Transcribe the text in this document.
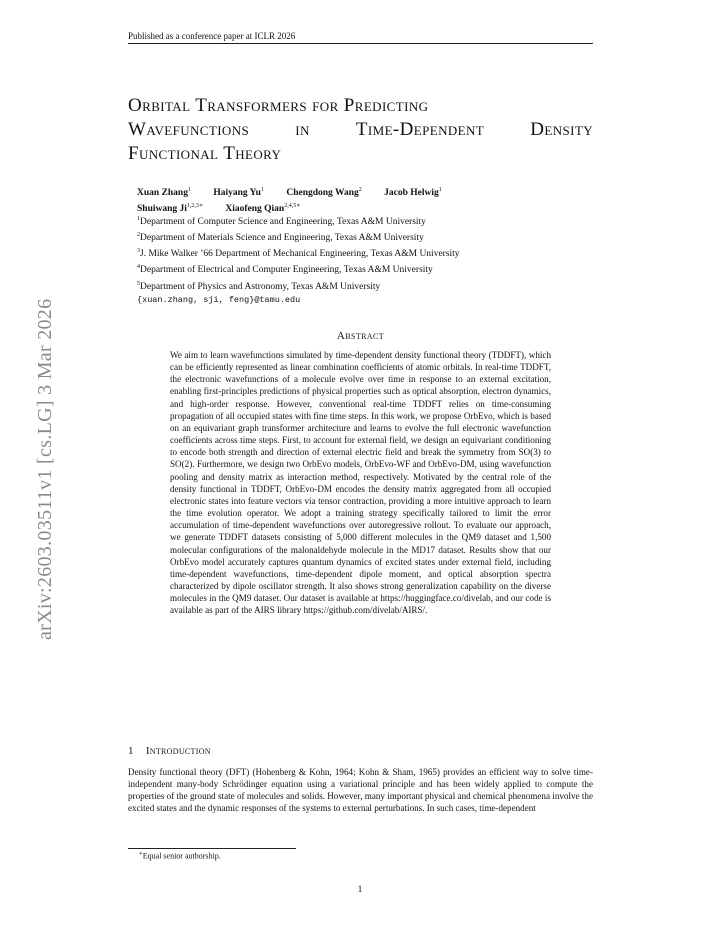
Published as a conference paper at ICLR 2026
arXiv:2603.03511v1 [cs.LG] 3 Mar 2026
Orbital Transformers for Predicting
Wavefunctions in Time-Dependent Density
Functional Theory
Xuan Zhang$^1$ Haiyang Yu$^1$ Chengdong Wang$^2$ Jacob Helwig$^1$
Shuiwang $Ji^{1,2,3∗}$ Xiaofeng Qian$^{2,4,5∗}$
$^1$Department of Computer Science and Engineering, Texas A&M University
$^2$Department of Materials Science and Engineering, Texas A&M University
$^3$J. Mike Walker ’66 Department of Mechanical Engineering, Texas A&M University
$^4$Department of Electrical and Computer Engineering, Texas A&M University
$^5$Department of Physics and Astronomy, Texas A&M University
{xuan.zhang, sji, feng}@tamu.edu
Abstract
We aim to learn wavefunctions simulated by time-dependent density functional theory (TDDFT), which can be efficiently represented as linear combination coefficients of atomic orbitals. In real-time TDDFT, the electronic wavefunctions of a molecule evolve over time in response to an external excitation, enabling first-principles predictions of physical properties such as optical absorption, electron dynamics, and high-order response. However, conventional real-time TDDFT relies on time-consuming propagation of all occupied states with fine time steps. In this work, we propose OrbEvo, which is based on an equivariant graph transformer architecture and learns to evolve the full electronic wavefunction coefficients across time steps. First, to account for external field, we design an equivariant conditioning to encode both strength and direction of external electric field and break the symmetry from SO(3) to SO(2). Furthermore, we design two OrbEvo models, OrbEvo-WF and OrbEvo-DM, using wavefunction pooling and density matrix as interaction method, respectively. Motivated by the central role of the density functional in TDDFT, OrbEvo-DM encodes the density matrix aggregated from all occupied electronic states into feature vectors via tensor contraction, providing a more intuitive approach to learn the time evolution operator. We adopt a training strategy specifically tailored to limit the error accumulation of time-dependent wavefunctions over autoregressive rollout. To evaluate our approach, we generate TDDFT datasets consisting of 5,000 different molecules in the QM9 dataset and 1,500 molecular configurations of the malonaldehyde molecule in the MD17 dataset. Results show that our OrbEvo model accurately captures quantum dynamics of excited states under external field, including time-dependent wavefunctions, time-dependent dipole moment, and optical absorption spectra characterized by dipole oscillator strength. It also shows strong generalization capability on the diverse molecules in the QM9 dataset. Our dataset is available at https://huggingface.co/divelab, and our code is available as part of the AIRS library https://github.com/divelab/AIRS/.
1 Introduction
Density functional theory (DFT) (Hohenberg & Kohn, 1964; Kohn & Sham, 1965) provides an efficient way to solve time-independent many-body Schrödinger equation using a variational principle and has been widely applied to compute the properties of the ground state of molecules and solids. However, many important physical and chemical phenomena involve the excited states and the dynamic responses of the systems to external perturbations. In such cases, time-dependent
∗Equal senior authorship.
1
